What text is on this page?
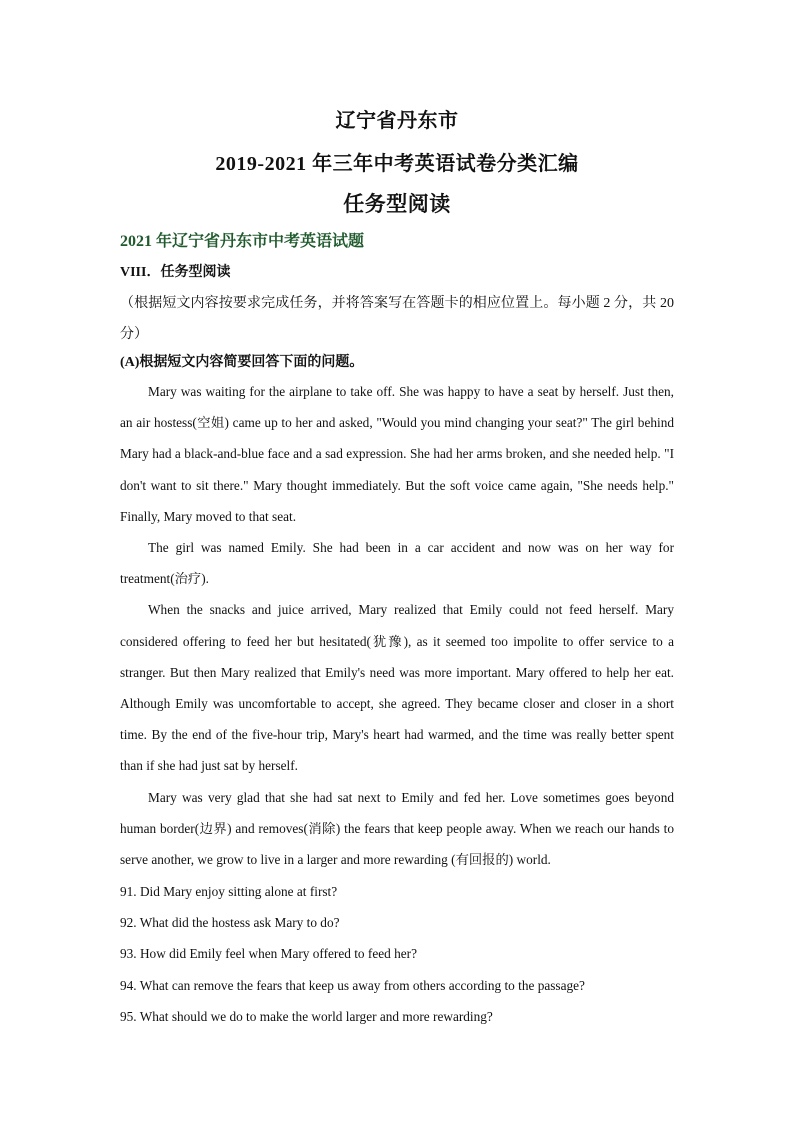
辽宁省丹东市
2019-2021 年三年中考英语试卷分类汇编
任务型阅读
2021 年辽宁省丹东市中考英语试题
VIII．任务型阅读
（根据短文内容按要求完成任务，并将答案写在答题卡的相应位置上。每小题 2 分，共 20 分）
(A)根据短文内容简要回答下面的问题。

Mary was waiting for the airplane to take off. She was happy to have a seat by herself. Just then, an air hostess(空姐) came up to her and asked, "Would you mind changing your seat?" The girl behind Mary had a black-and-blue face and a sad expression. She had her arms broken, and she needed help. "I don't want to sit there." Mary thought immediately. But the soft voice came again, "She needs help." Finally, Mary moved to that seat.

The girl was named Emily. She had been in a car accident and now was on her way for treatment(治疗).

When the snacks and juice arrived, Mary realized that Emily could not feed herself. Mary considered offering to feed her but hesitated(犹豫), as it seemed too impolite to offer service to a stranger. But then Mary realized that Emily's need was more important. Mary offered to help her eat. Although Emily was uncomfortable to accept, she agreed. They became closer and closer in a short time. By the end of the five-hour trip, Mary's heart had warmed, and the time was really better spent than if she had just sat by herself.

Mary was very glad that she had sat next to Emily and fed her. Love sometimes goes beyond human border(边界) and removes(消除) the fears that keep people away. When we reach our hands to serve another, we grow to live in a larger and more rewarding (有回报的) world.

91. Did Mary enjoy sitting alone at first?
92. What did the hostess ask Mary to do?
93. How did Emily feel when Mary offered to feed her?
94. What can remove the fears that keep us away from others according to the passage?
95. What should we do to make the world larger and more rewarding?
